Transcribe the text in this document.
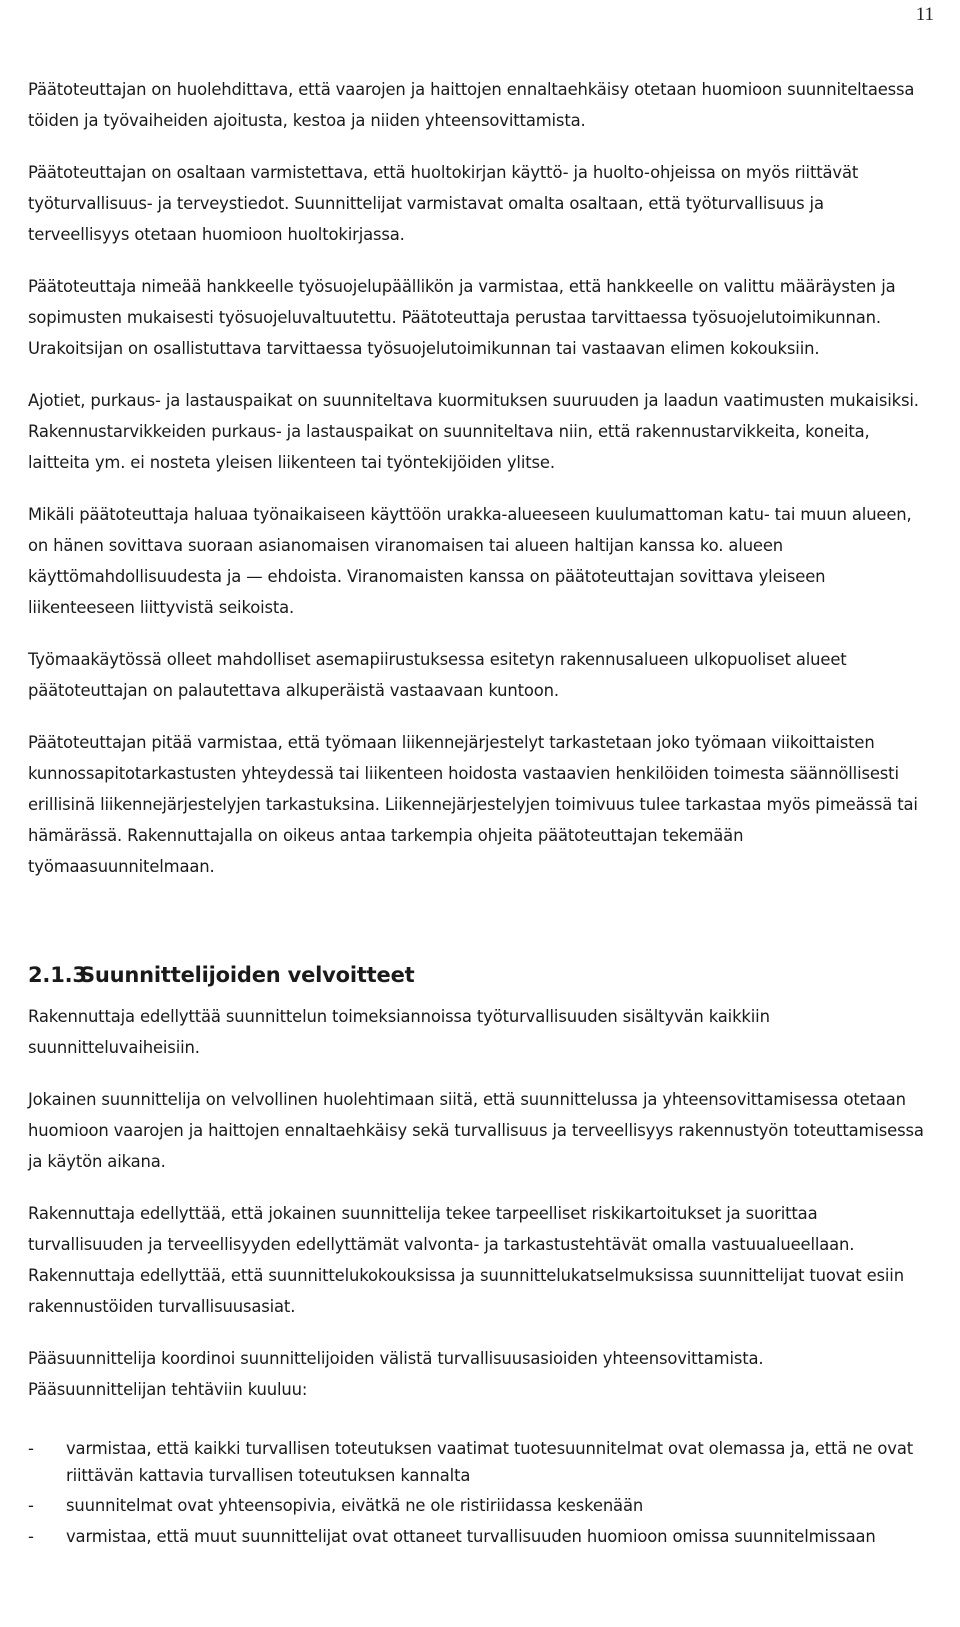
11

Päätoteuttajan on huolehdittava, että vaarojen ja haittojen ennaltaehkäisy otetaan huomioon suunniteltaessa töiden ja työvaiheiden ajoitusta, kestoa ja niiden yhteensovittamista.

Päätoteuttajan on osaltaan varmistettava, että huoltokirjan käyttö- ja huolto-ohjeissa on myös riittävät työturvallisuus- ja terveystiedot. Suunnittelijat varmistavat omalta osaltaan, että työturvallisuus ja terveellisyys otetaan huomioon huoltokirjassa.

Päätoteuttaja nimeää hankkeelle työsuojelupäällikön ja varmistaa, että hankkeelle on valittu määräysten ja sopimusten mukaisesti työsuojeluvaltuutettu. Päätoteuttaja perustaa tarvittaessa työsuojelutoimikunnan. Urakoitsijan on osallistuttava tarvittaessa työsuojelutoimikunnan tai vastaavan elimen kokouksiin.

Ajotiet, purkaus- ja lastauspaikat on suunniteltava kuormituksen suuruuden ja laadun vaatimusten mukaisiksi. Rakennustarvikkeiden purkaus- ja lastauspaikat on suunniteltava niin, että rakennustarvikkeita, koneita, laitteita ym. ei nosteta yleisen liikenteen tai työntekijöiden ylitse.

Mikäli päätoteuttaja haluaa työnaikaiseen käyttöön urakka-alueeseen kuulumattoman katu- tai muun alueen, on hänen sovittava suoraan asianomaisen viranomaisen tai alueen haltijan kanssa ko. alueen käyttömahdollisuudesta ja — ehdoista. Viranomaisten kanssa on päätoteuttajan sovittava yleiseen liikenteeseen liittyvistä seikoista.

Työmaakäytössä olleet mahdolliset asemapiirustuksessa esitetyn rakennusalueen ulkopuoliset alueet päätoteuttajan on palautettava alkuperäistä vastaavaan kuntoon.

Päätoteuttajan pitää varmistaa, että työmaan liikennejärjestelyt tarkastetaan joko työmaan viikoittaisten kunnossapitotarkastusten yhteydessä tai liikenteen hoidosta vastaavien henkilöiden toimesta säännöllisesti erillisinä liikennejärjestelyjen tarkastuksina. Liikennejärjestelyjen toimivuus tulee tarkastaa myös pimeässä tai hämärässä. Rakennuttajalla on oikeus antaa tarkempia ohjeita päätoteuttajan tekemään työmaasuunnitelmaan.

2.1.3
Suunnittelijoiden velvoitteet

Rakennuttaja edellyttää suunnittelun toimeksiannoissa työturvallisuuden sisältyvän kaikkiin suunnitteluvaiheisiin.

Jokainen suunnittelija on velvollinen huolehtimaan siitä, että suunnittelussa ja yhteensovittamisessa otetaan huomioon vaarojen ja haittojen ennaltaehkäisy sekä turvallisuus ja terveellisyys rakennustyön toteuttamisessa ja käytön aikana.

Rakennuttaja edellyttää, että jokainen suunnittelija tekee tarpeelliset riskikartoitukset ja suorittaa turvallisuuden ja terveellisyyden edellyttämät valvonta- ja tarkastustehtävät omalla vastuualueellaan. Rakennuttaja edellyttää, että suunnittelukokouksissa ja suunnittelukatselmuksissa suunnittelijat tuovat esiin rakennustöiden turvallisuusasiat.

Pääsuunnittelija koordinoi suunnittelijoiden välistä turvallisuusasioiden yhteensovittamista.
Pääsuunnittelijan tehtäviin kuuluu:

-	varmistaa, että kaikki turvallisen toteutuksen vaatimat tuotesuunnitelmat ovat olemassa ja, että ne ovat riittävän kattavia turvallisen toteutuksen kannalta
-	suunnitelmat ovat yhteensopivia, eivätkä ne ole ristiriidassa keskenään
-	varmistaa, että muut suunnittelijat ovat ottaneet turvallisuuden huomioon omissa suunnitelmissaan
